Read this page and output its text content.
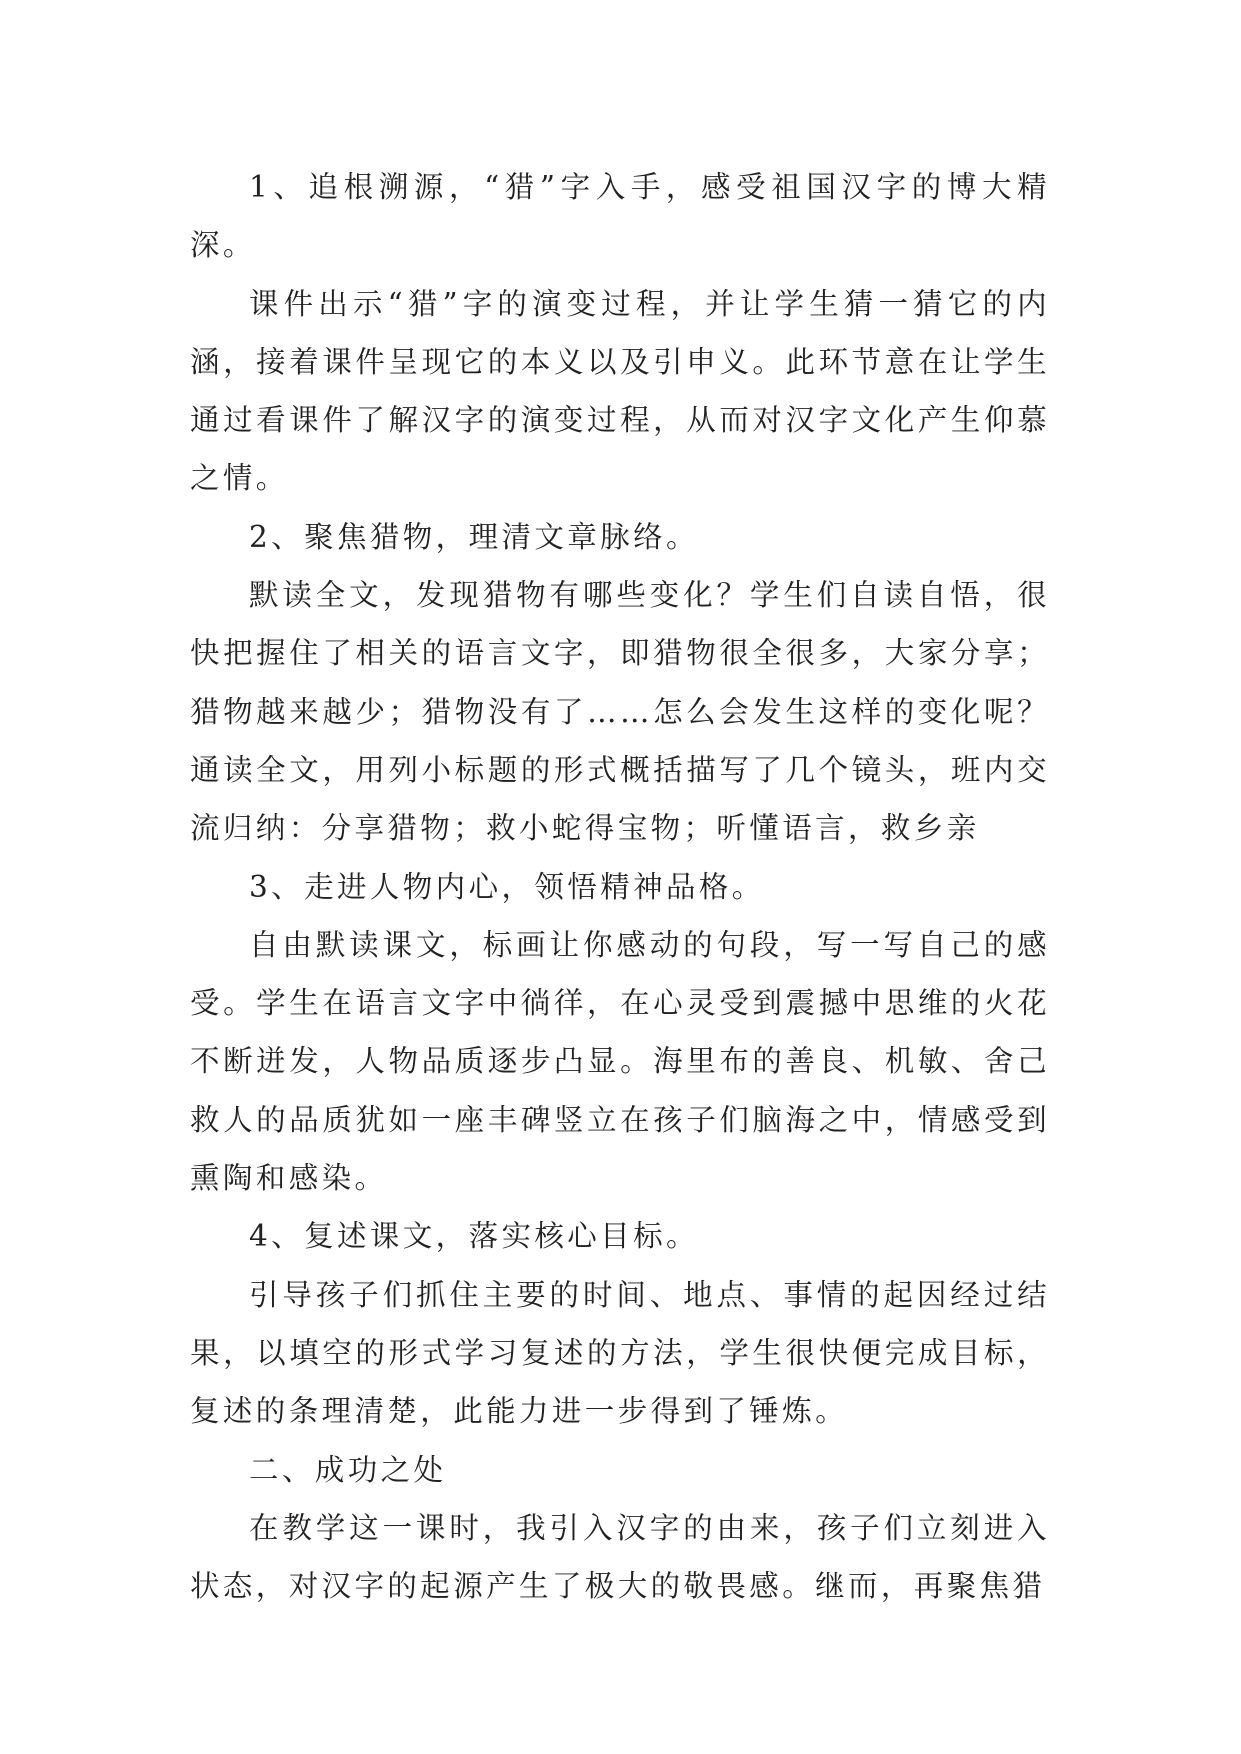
1、追根溯源，“猎”字入手，感受祖国汉字的博大精深。

课件出示“猎”字的演变过程，并让学生猜一猜它的内涵，接着课件呈现它的本义以及引申义。此环节意在让学生通过看课件了解汉字的演变过程，从而对汉字文化产生仰慕之情。

2、聚焦猎物，理清文章脉络。

默读全文，发现猎物有哪些变化？学生们自读自悟，很快把握住了相关的语言文字，即猎物很全很多，大家分享；猎物越来越少；猎物没有了……怎么会发生这样的变化呢？通读全文，用列小标题的形式概括描写了几个镜头，班内交流归纳：分享猎物；救小蛇得宝物；听懂语言，救乡亲

3、走进人物内心，领悟精神品格。

自由默读课文，标画让你感动的句段，写一写自己的感受。学生在语言文字中徜徉，在心灵受到震撼中思维的火花不断迸发，人物品质逐步凸显。海里布的善良、机敏、舍己救人的品质犹如一座丰碑竖立在孩子们脑海之中，情感受到熏陶和感染。

4、复述课文，落实核心目标。

引导孩子们抓住主要的时间、地点、事情的起因经过结果，以填空的形式学习复述的方法，学生很快便完成目标，复述的条理清楚，此能力进一步得到了锤炼。

二、成功之处

在教学这一课时，我引入汉字的由来，孩子们立刻进入状态，对汉字的起源产生了极大的敬畏感。继而，再聚焦猎
